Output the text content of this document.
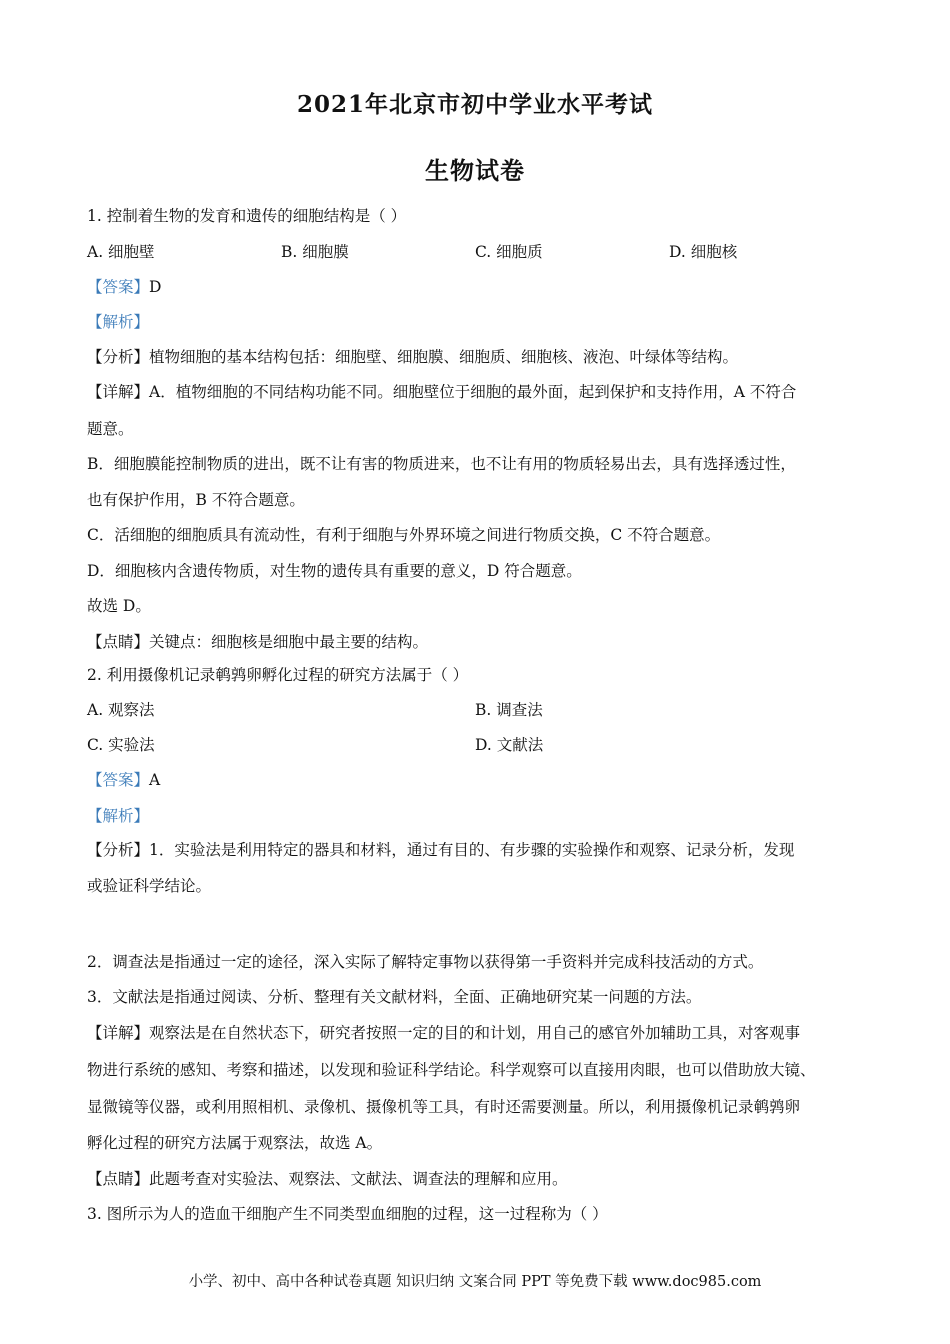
2021年北京市初中学业水平考试
生物试卷
1. 控制着生物的发育和遗传的细胞结构是（ ）
A. 细胞壁	B. 细胞膜	C. 细胞质	D. 细胞核
【答案】D
【解析】
【分析】植物细胞的基本结构包括：细胞壁、细胞膜、细胞质、细胞核、液泡、叶绿体等结构。
【详解】A．植物细胞的不同结构功能不同。细胞壁位于细胞的最外面，起到保护和支持作用，A 不符合
题意。
B．细胞膜能控制物质的进出，既不让有害的物质进来，也不让有用的物质轻易出去，具有选择透过性，
也有保护作用，B 不符合题意。
C．活细胞的细胞质具有流动性，有利于细胞与外界环境之间进行物质交换，C 不符合题意。
D．细胞核内含遗传物质，对生物的遗传具有重要的意义，D 符合题意。
故选 D。
【点睛】关键点：细胞核是细胞中最主要的结构。
2. 利用摄像机记录鹌鹑卵孵化过程的研究方法属于（ ）
A. 观察法	B. 调查法
C. 实验法	D. 文献法
【答案】A
【解析】
【分析】1．实验法是利用特定的器具和材料，通过有目的、有步骤的实验操作和观察、记录分析，发现
或验证科学结论。
2．调查法是指通过一定的途径，深入实际了解特定事物以获得第一手资料并完成科技活动的方式。
3．文献法是指通过阅读、分析、整理有关文献材料，全面、正确地研究某一问题的方法。
【详解】观察法是在自然状态下，研究者按照一定的目的和计划，用自己的感官外加辅助工具，对客观事
物进行系统的感知、考察和描述，以发现和验证科学结论。科学观察可以直接用肉眼，也可以借助放大镜、
显微镜等仪器，或利用照相机、录像机、摄像机等工具，有时还需要测量。所以，利用摄像机记录鹌鹑卵
孵化过程的研究方法属于观察法，故选 A。
【点睛】此题考查对实验法、观察法、文献法、调查法的理解和应用。
3. 图所示为人的造血干细胞产生不同类型血细胞的过程，这一过程称为（ ）
小学、初中、高中各种试卷真题 知识归纳 文案合同 PPT 等免费下载 www.doc985.com
